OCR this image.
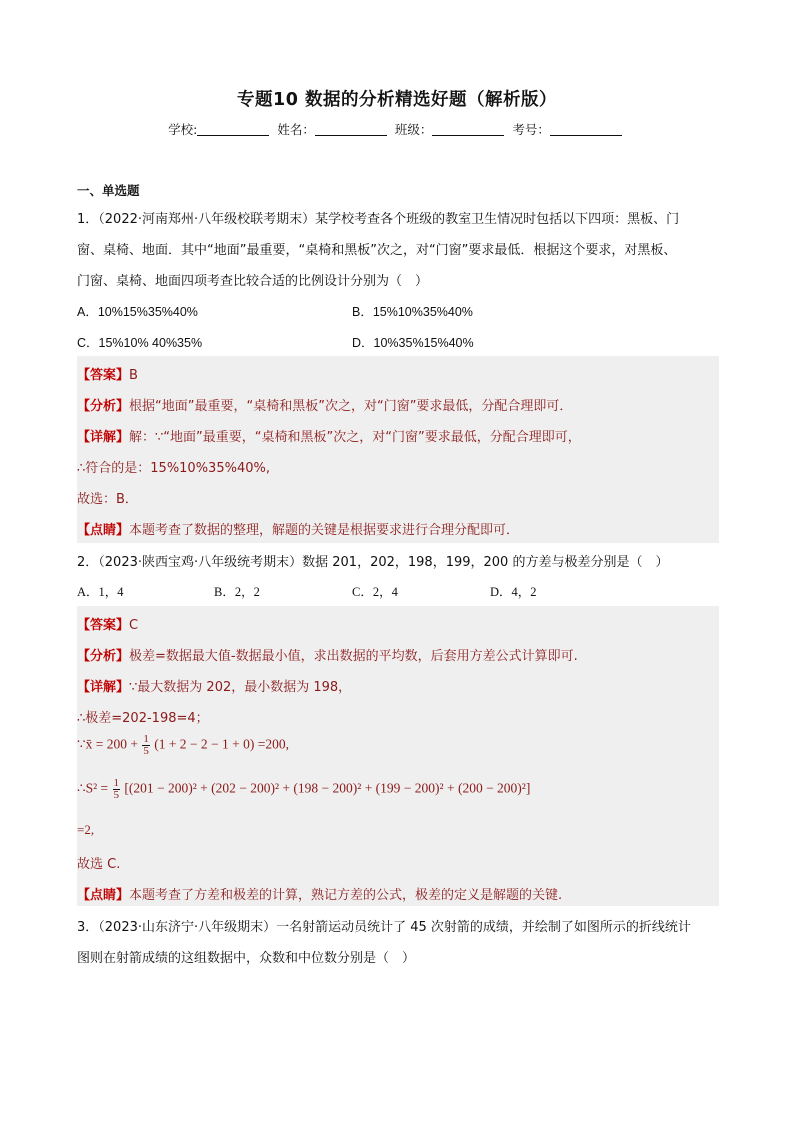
专题10 数据的分析精选好题（解析版）
学校:	姓名：	班级：	考号：
一、单选题
1．（2022·河南郑州·八年级校联考期末）某学校考查各个班级的教室卫生情况时包括以下四项：黑板、门
窗、桌椅、地面．其中“地面”最重要，“桌椅和黑板”次之，对“门窗”要求最低．根据这个要求，对黑板、
门窗、桌椅、地面四项考查比较合适的比例设计分别为（　）
A．10%15%35%40%	B．15%10%35%40%
C．15%10% 40%35%	D．10%35%15%40%
【答案】B
【分析】根据“地面”最重要，“桌椅和黑板”次之，对“门窗”要求最低，分配合理即可．
【详解】解：∵“地面”最重要，“桌椅和黑板”次之，对“门窗”要求最低，分配合理即可，
∴符合的是：15%10%35%40%,
故选：B．
【点睛】本题考查了数据的整理，解题的关键是根据要求进行合理分配即可．
2．（2023·陕西宝鸡·八年级统考期末）数据 201，202，198，199，200 的方差与极差分别是（　）
A．1，4	B．2，2	C．2，4	D．4，2
【答案】C
【分析】极差=数据最大值-数据最小值，求出数据的平均数，后套用方差公式计算即可.
【详解】∵最大数据为 202，最小数据为 198，
∴极差=202-198=4；
∵x̄ = $200 + \frac{1}{5} (1 + 2 - 2 - 1 + 0) =200$,
∴S² = $\frac{1}{5} [(201 - 200)^2 + (202 - 200)^2 + (198 - 200)^2 + (199 - 200)^2 + (200 - 200)^2]$
=2,
故选 C.
【点睛】本题考查了方差和极差的计算，熟记方差的公式，极差的定义是解题的关键.
3．（2023·山东济宁·八年级期末）一名射箭运动员统计了 45 次射箭的成绩，并绘制了如图所示的折线统计
图则在射箭成绩的这组数据中，众数和中位数分别是（　）
